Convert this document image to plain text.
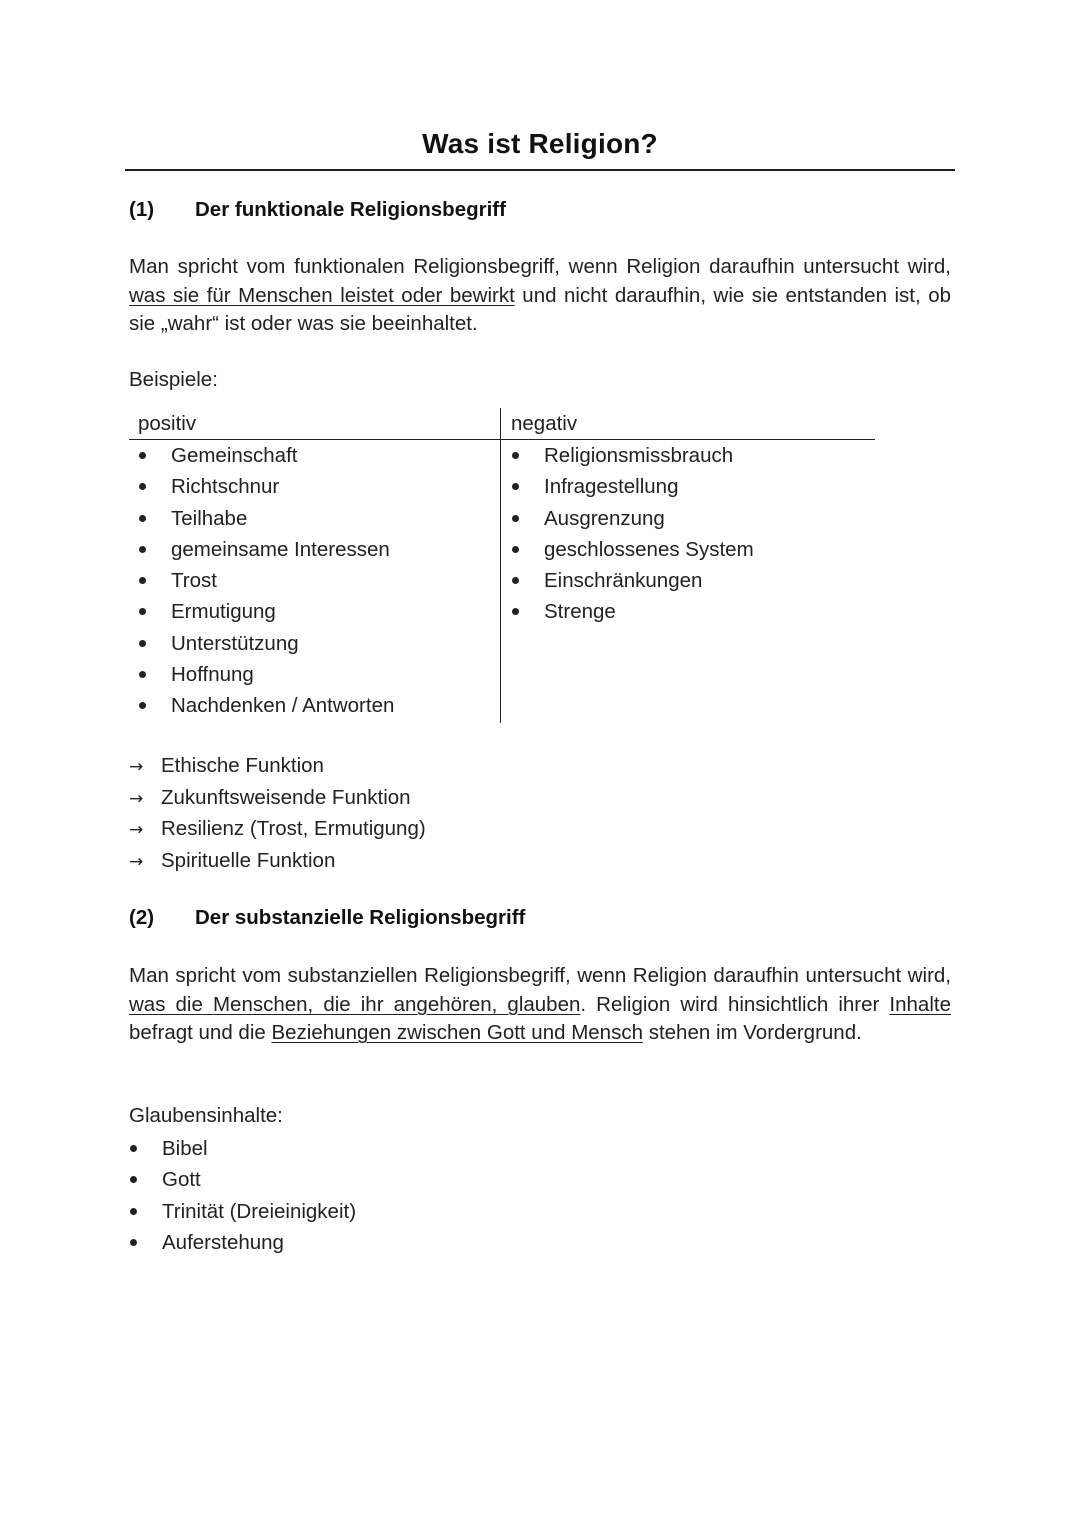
Was ist Religion?
(1) Der funktionale Religionsbegriff
Man spricht vom funktionalen Religionsbegriff, wenn Religion daraufhin untersucht wird, was sie für Menschen leistet oder bewirkt und nicht daraufhin, wie sie entstanden ist, ob sie „wahr“ ist oder was sie beeinhaltet.
Beispiele:
positiv	negativ
Gemeinschaft
Richtschnur
Teilhabe
gemeinsame Interessen
Trost
Ermutigung
Unterstützung
Hoffnung
Nachdenken / Antworten
Religionsmissbrauch
Infragestellung
Ausgrenzung
geschlossenes System
Einschränkungen
Strenge
→ Ethische Funktion
→ Zukunftsweisende Funktion
→ Resilienz (Trost, Ermutigung)
→ Spirituelle Funktion
(2) Der substanzielle Religionsbegriff
Man spricht vom substanziellen Religionsbegriff, wenn Religion daraufhin untersucht wird, was die Menschen, die ihr angehören, glauben. Religion wird hinsichtlich ihrer Inhalte befragt und die Beziehungen zwischen Gott und Mensch stehen im Vordergrund.
Glaubensinhalte:
Bibel
Gott
Trinität (Dreieinigkeit)
Auferstehung
